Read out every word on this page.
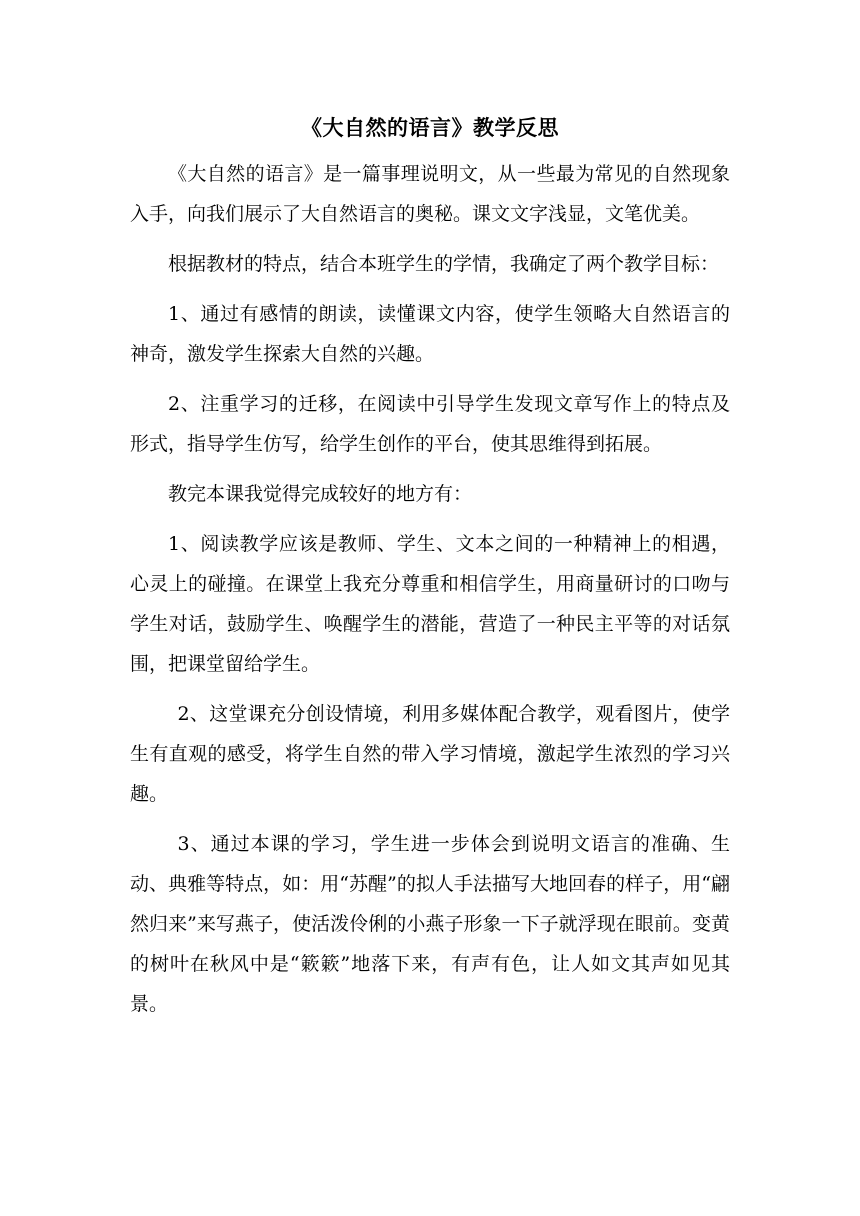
《大自然的语言》教学反思

《大自然的语言》是一篇事理说明文，从一些最为常见的自然现象入手，向我们展示了大自然语言的奥秘。课文文字浅显，文笔优美。

根据教材的特点，结合本班学生的学情，我确定了两个教学目标：

1、通过有感情的朗读，读懂课文内容，使学生领略大自然语言的神奇，激发学生探索大自然的兴趣。

2、注重学习的迁移，在阅读中引导学生发现文章写作上的特点及形式，指导学生仿写，给学生创作的平台，使其思维得到拓展。

教完本课我觉得完成较好的地方有：

1、阅读教学应该是教师、学生、文本之间的一种精神上的相遇，心灵上的碰撞。在课堂上我充分尊重和相信学生，用商量研讨的口吻与学生对话，鼓励学生、唤醒学生的潜能，营造了一种民主平等的对话氛围，把课堂留给学生。

2、这堂课充分创设情境，利用多媒体配合教学，观看图片，使学生有直观的感受，将学生自然的带入学习情境，激起学生浓烈的学习兴趣。

3、通过本课的学习，学生进一步体会到说明文语言的准确、生动、典雅等特点，如：用“苏醒”的拟人手法描写大地回春的样子，用“翩然归来”来写燕子，使活泼伶俐的小燕子形象一下子就浮现在眼前。变黄的树叶在秋风中是“簌簌”地落下来，有声有色，让人如文其声如见其景。
